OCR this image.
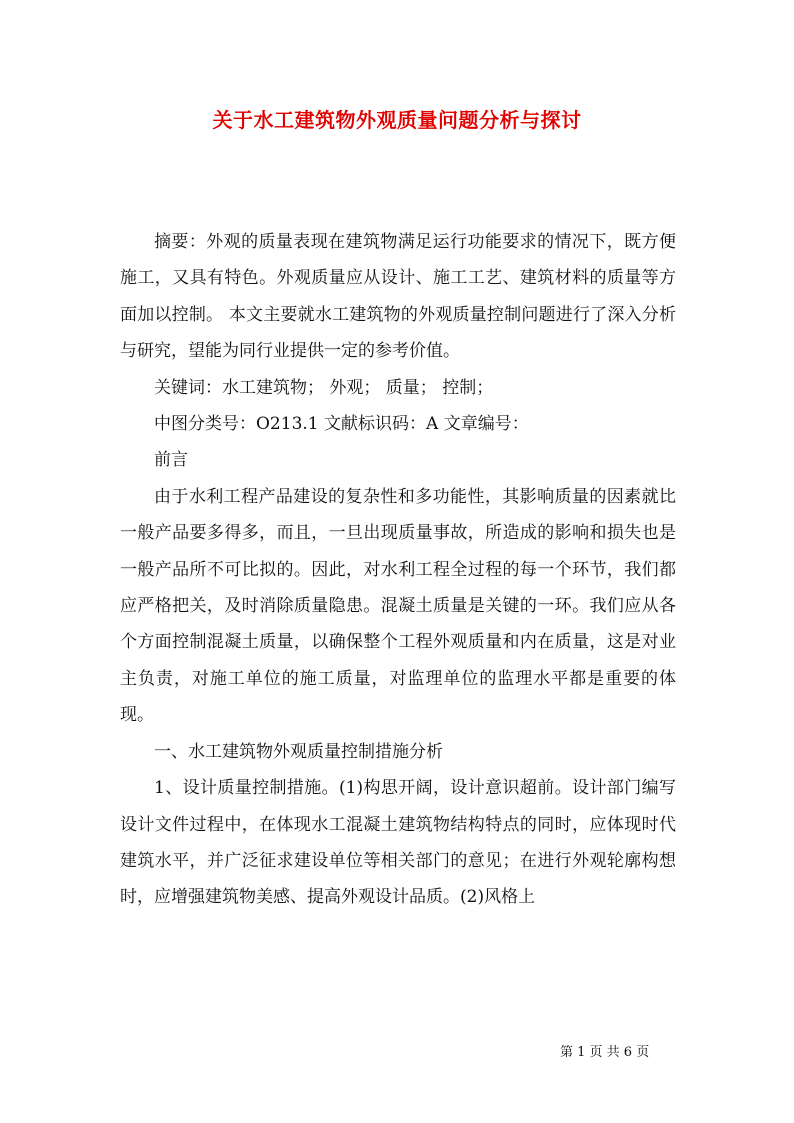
关于水工建筑物外观质量问题分析与探讨

摘要：外观的质量表现在建筑物满足运行功能要求的情况下，既方便施工，又具有特色。外观质量应从设计、施工工艺、建筑材料的质量等方面加以控制。 本文主要就水工建筑物的外观质量控制问题进行了深入分析与研究，望能为同行业提供一定的参考价值。

关键词：水工建筑物； 外观； 质量； 控制；

中图分类号：O213.1 文献标识码：A 文章编号：

前言

由于水利工程产品建设的复杂性和多功能性，其影响质量的因素就比一般产品要多得多，而且，一旦出现质量事故，所造成的影响和损失也是一般产品所不可比拟的。因此，对水利工程全过程的每一个环节，我们都应严格把关，及时消除质量隐患。混凝土质量是关键的一环。我们应从各个方面控制混凝土质量，以确保整个工程外观质量和内在质量，这是对业主负责，对施工单位的施工质量，对监理单位的监理水平都是重要的体现。

一、水工建筑物外观质量控制措施分析

1、设计质量控制措施。(1)构思开阔，设计意识超前。设计部门编写设计文件过程中，在体现水工混凝土建筑物结构特点的同时，应体现时代建筑水平，并广泛征求建设单位等相关部门的意见；在进行外观轮廓构想时，应增强建筑物美感、提高外观设计品质。(2)风格上

第 1 页 共 6 页
